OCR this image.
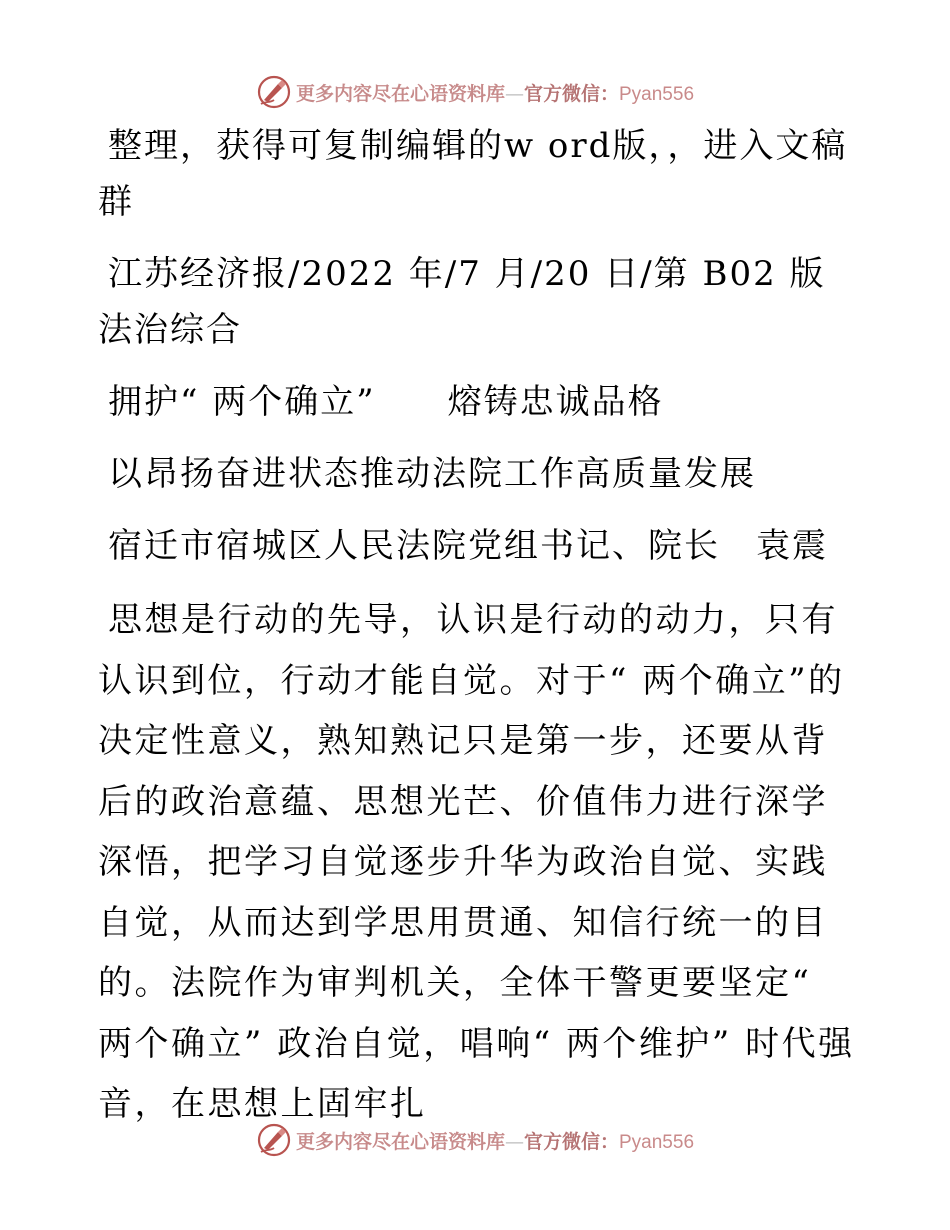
更多内容尽在心语资料库—官方微信：Pyan556

整理，获得可复制编辑的w ord版，，进入文稿群

江苏经济报/2022 年/7 月/20 日/第 B02 版法治综合

拥护“ 两个确立”　　熔铸忠诚品格

以昂扬奋进状态推动法院工作高质量发展

宿迁市宿城区人民法院党组书记、院长　袁震

思想是行动的先导，认识是行动的动力，只有认识到位，行动才能自觉。对于“ 两个确立”的决定性意义，熟知熟记只是第一步，还要从背后的政治意蕴、思想光芒、价值伟力进行深学深悟，把学习自觉逐步升华为政治自觉、实践自觉，从而达到学思用贯通、知信行统一的目的。法院作为审判机关，全体干警更要坚定“ 两个确立” 政治自觉，唱响“ 两个维护” 时代强音，在思想上固牢扎

更多内容尽在心语资料库—官方微信：Pyan556
